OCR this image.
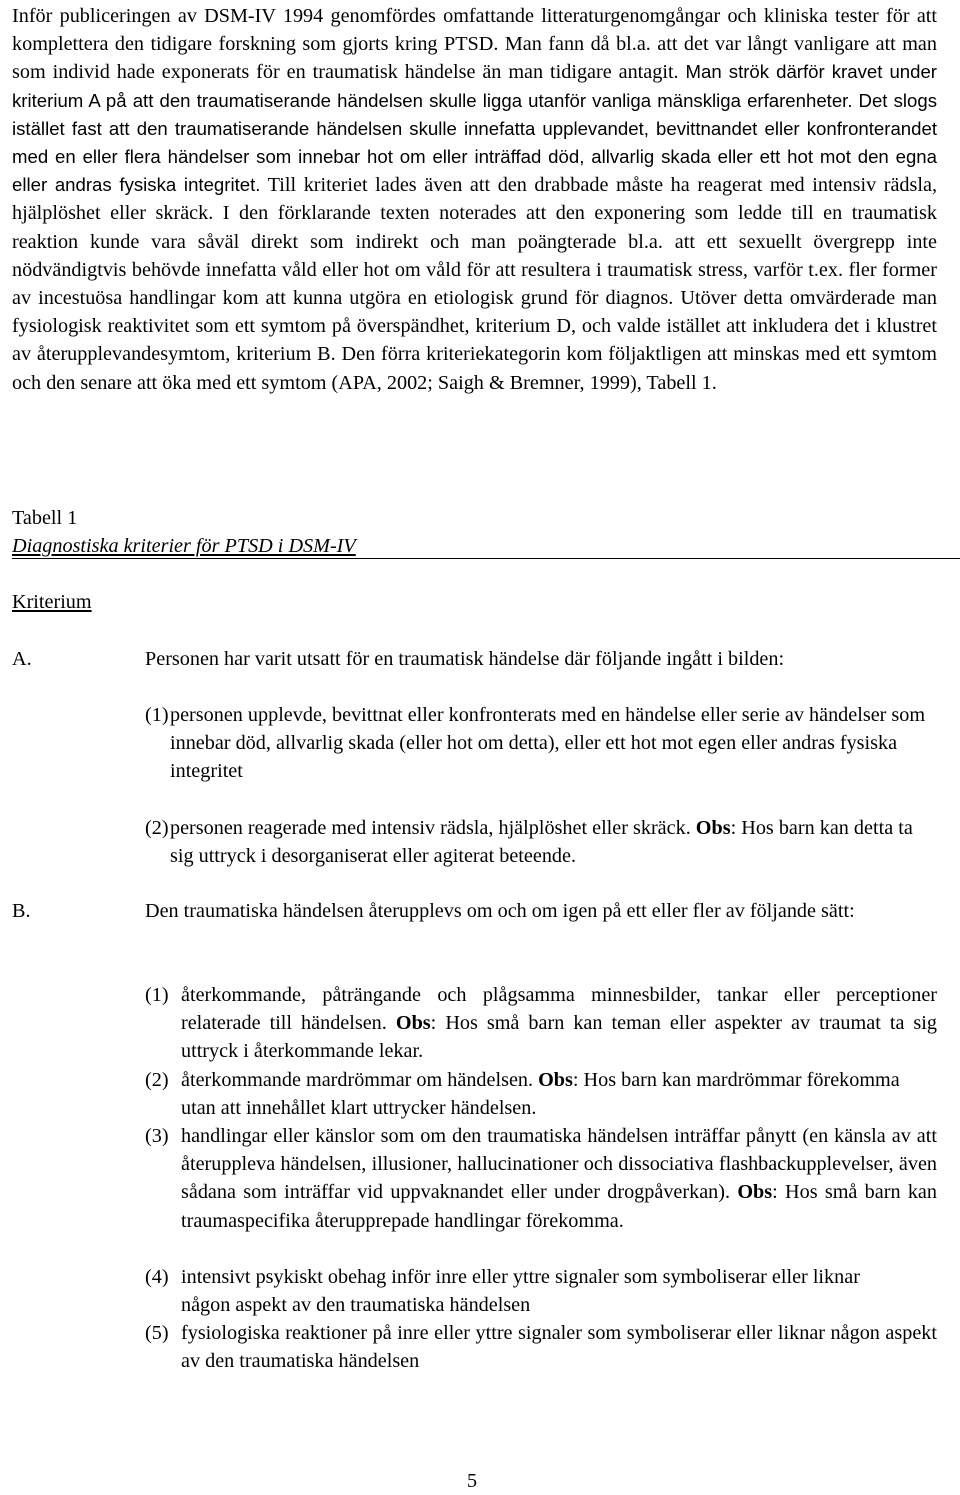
Inför publiceringen av DSM-IV 1994 genomfördes omfattande litteraturgenomgångar och kliniska tester för att komplettera den tidigare forskning som gjorts kring PTSD. Man fann då bl.a. att det var långt vanligare att man som individ hade exponerats för en traumatisk händelse än man tidigare antagit. Man strök därför kravet under kriterium A på att den traumatiserande händelsen skulle ligga utanför vanliga mänskliga erfarenheter. Det slogs istället fast att den traumatiserande händelsen skulle innefatta upplevandet, bevittnandet eller konfronterandet med en eller flera händelser som innebar hot om eller inträffad död, allvarlig skada eller ett hot mot den egna eller andras fysiska integritet. Till kriteriet lades även att den drabbade måste ha reagerat med intensiv rädsla, hjälplöshet eller skräck. I den förklarande texten noterades att den exponering som ledde till en traumatisk reaktion kunde vara såväl direkt som indirekt och man poängterade bl.a. att ett sexuellt övergrepp inte nödvändigtvis behövde innefatta våld eller hot om våld för att resultera i traumatisk stress, varför t.ex. fler former av incestuösa handlingar kom att kunna utgöra en etiologisk grund för diagnos. Utöver detta omvärderade man fysiologisk reaktivitet som ett symtom på överspändhet, kriterium D, och valde istället att inkludera det i klustret av återupplevandesymtom, kriterium B. Den förra kriteriekategorin kom följaktligen att minskas med ett symtom och den senare att öka med ett symtom (APA, 2002; Saigh & Bremner, 1999), Tabell 1.

Tabell 1
Diagnostiska kriterier för PTSD i DSM-IV
Kriterium
A.	Personen har varit utsatt för en traumatisk händelse där följande ingått i bilden:
(1) personen upplevde, bevittnat eller konfronterats med en händelse eller serie av händelser som innebar död, allvarlig skada (eller hot om detta), eller ett hot mot egen eller andras fysiska integritet
(2) personen reagerade med intensiv rädsla, hjälplöshet eller skräck. Obs: Hos barn kan detta ta sig uttryck i desorganiserat eller agiterat beteende.
B.	Den traumatiska händelsen återupplevs om och om igen på ett eller fler av följande sätt:
(1) återkommande, påträngande och plågsamma minnesbilder, tankar eller perceptioner relaterade till händelsen. Obs: Hos små barn kan teman eller aspekter av traumat ta sig uttryck i återkommande lekar.
(2) återkommande mardrömmar om händelsen. Obs: Hos barn kan mardrömmar förekomma utan att innehållet klart uttrycker händelsen.
(3) handlingar eller känslor som om den traumatiska händelsen inträffar pånytt (en känsla av att återuppleva händelsen, illusioner, hallucinationer och dissociativa flashbackupplevelser, även sådana som inträffar vid uppvaknandet eller under drogpåverkan). Obs: Hos små barn kan traumaspecifika återupprepade handlingar förekomma.
(4) intensivt psykiskt obehag inför inre eller yttre signaler som symboliserar eller liknar någon aspekt av den traumatiska händelsen
(5) fysiologiska reaktioner på inre eller yttre signaler som symboliserar eller liknar någon aspekt av den traumatiska händelsen
5
